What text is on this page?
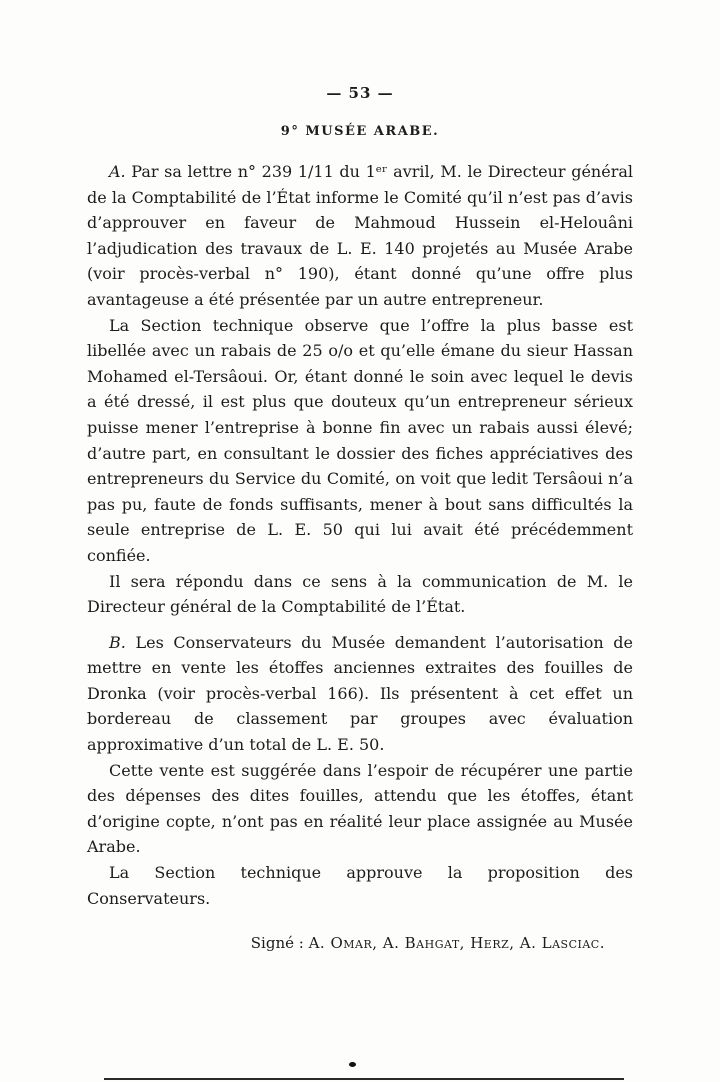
— 53 —
9° MUSÉE ARABE.

A. Par sa lettre n° 239 1/11 du 1ᵉʳ avril, M. le Directeur général de la Comptabilité de l’État informe le Comité qu’il n’est pas d’avis d’approuver en faveur de Mahmoud Hussein el-Helouâni l’adjudication des travaux de L. E. 140 projetés au Musée Arabe (voir procès-verbal n° 190), étant donné qu’une offre plus avantageuse a été présentée par un autre entrepreneur.

La Section technique observe que l’offre la plus basse est libellée avec un rabais de 25 o/o et qu’elle émane du sieur Hassan Mohamed el-Tersâoui. Or, étant donné le soin avec lequel le devis a été dressé, il est plus que douteux qu’un entrepreneur sérieux puisse mener l’entreprise à bonne fin avec un rabais aussi élevé; d’autre part, en consultant le dossier des fiches appréciatives des entrepreneurs du Service du Comité, on voit que ledit Tersâoui n’a pas pu, faute de fonds suffisants, mener à bout sans difficultés la seule entreprise de L. E. 50 qui lui avait été précédemment confiée.

Il sera répondu dans ce sens à la communication de M. le Directeur général de la Comptabilité de l’État.

B. Les Conservateurs du Musée demandent l’autorisation de mettre en vente les étoffes anciennes extraites des fouilles de Dronka (voir procès-verbal 166). Ils présentent à cet effet un bordereau de classement par groupes avec évaluation approximative d’un total de L. E. 50.

Cette vente est suggérée dans l’espoir de récupérer une partie des dépenses des dites fouilles, attendu que les étoffes, étant d’origine copte, n’ont pas en réalité leur place assignée au Musée Arabe.

La Section technique approuve la proposition des Conservateurs.

Signé : A. Omar, A. Bahgat, Herz, A. Lasciac.
